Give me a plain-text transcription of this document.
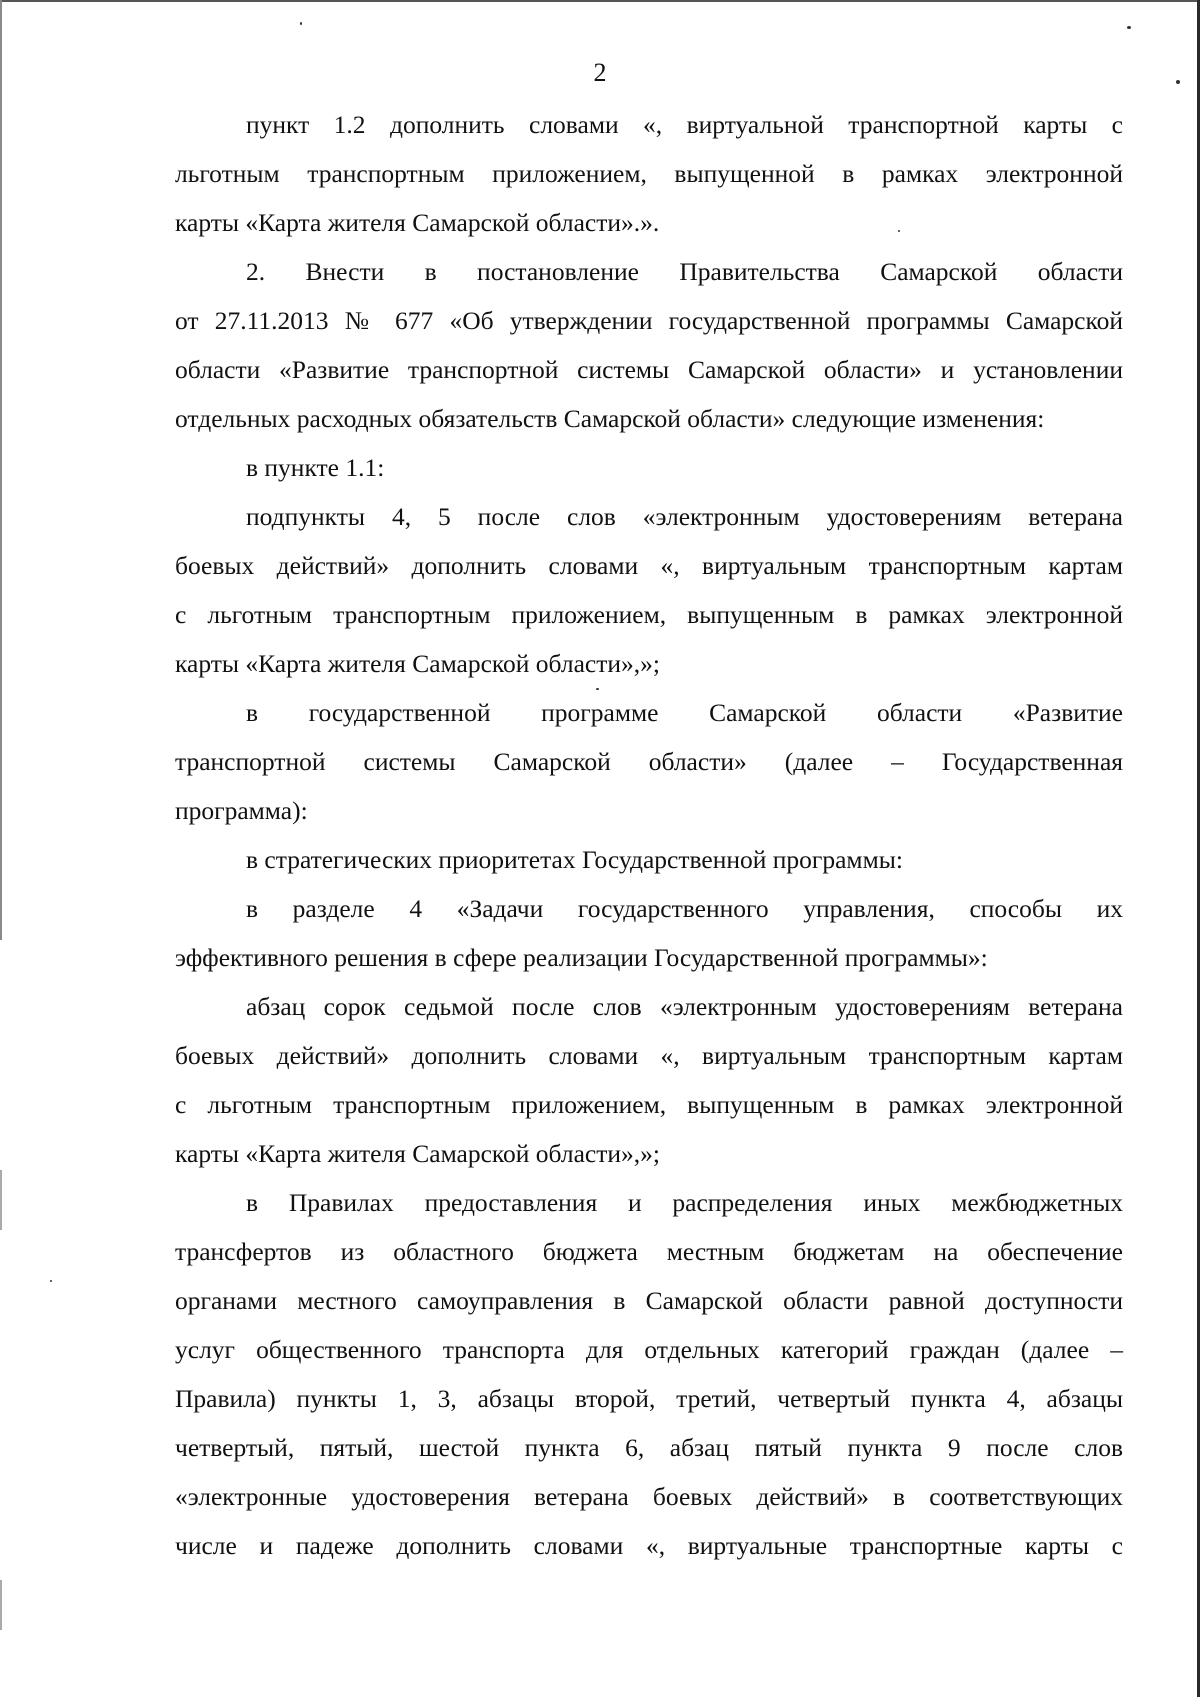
2
пункт 1.2 дополнить словами «, виртуальной транспортной карты с
льготным транспортным приложением, выпущенной в рамках электронной
карты «Карта жителя Самарской области».».
2. Внести в постановление Правительства Самарской области
от 27.11.2013 № 677 «Об утверждении государственной программы Самарской
области «Развитие транспортной системы Самарской области» и установлении
отдельных расходных обязательств Самарской области» следующие изменения:
в пункте 1.1:
подпункты 4, 5 после слов «электронным удостоверениям ветерана
боевых действий» дополнить словами «, виртуальным транспортным картам
с льготным транспортным приложением, выпущенным в рамках электронной
карты «Карта жителя Самарской области»,»;
в государственной программе Самарской области «Развитие
транспортной системы Самарской области» (далее – Государственная
программа):
в стратегических приоритетах Государственной программы:
в разделе 4 «Задачи государственного управления, способы их
эффективного решения в сфере реализации Государственной программы»:
абзац сорок седьмой после слов «электронным удостоверениям ветерана
боевых действий» дополнить словами «, виртуальным транспортным картам
с льготным транспортным приложением, выпущенным в рамках электронной
карты «Карта жителя Самарской области»,»;
в Правилах предоставления и распределения иных межбюджетных
трансфертов из областного бюджета местным бюджетам на обеспечение
органами местного самоуправления в Самарской области равной доступности
услуг общественного транспорта для отдельных категорий граждан (далее –
Правила) пункты 1, 3, абзацы второй, третий, четвертый пункта 4, абзацы
четвертый, пятый, шестой пункта 6, абзац пятый пункта 9 после слов
«электронные удостоверения ветерана боевых действий» в соответствующих
числе и падеже дополнить словами «, виртуальные транспортные карты с
